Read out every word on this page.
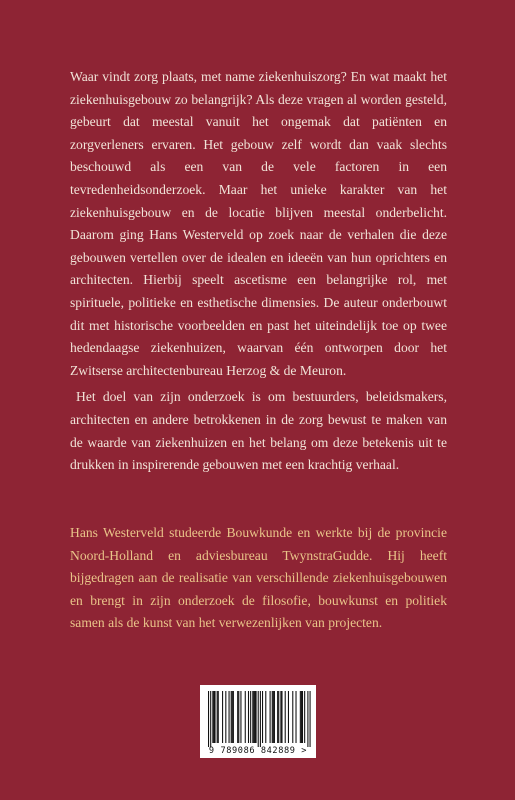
Waar vindt zorg plaats, met name ziekenhuiszorg? En wat maakt het ziekenhuisgebouw zo belangrijk? Als deze vragen al worden gesteld, gebeurt dat meestal vanuit het ongemak dat patiënten en zorgverleners ervaren. Het gebouw zelf wordt dan vaak slechts beschouwd als een van de vele factoren in een tevredenheidsonderzoek. Maar het unieke karakter van het ziekenhuisgebouw en de locatie blijven meestal onderbelicht. Daarom ging Hans Westerveld op zoek naar de verhalen die deze gebouwen vertellen over de idealen en ideeën van hun oprichters en architecten. Hierbij speelt ascetisme een belangrijke rol, met spirituele, politieke en esthetische dimensies. De auteur onderbouwt dit met historische voorbeelden en past het uiteindelijk toe op twee hedendaagse ziekenhuizen, waarvan één ontworpen door het Zwitserse architectenbureau Herzog & de Meuron.

Het doel van zijn onderzoek is om bestuurders, beleidsmakers, architecten en andere betrokkenen in de zorg bewust te maken van de waarde van ziekenhuizen en het belang om deze betekenis uit te drukken in inspirerende gebouwen met een krachtig verhaal.

Hans Westerveld studeerde Bouwkunde en werkte bij de provincie Noord-Holland en adviesbureau TwynstraGudde. Hij heeft bijgedragen aan de realisatie van verschillende ziekenhuisgebouwen en brengt in zijn onderzoek de filosofie, bouwkunst en politiek samen als de kunst van het verwezenlijken van projecten.

9 789086 842889 >
